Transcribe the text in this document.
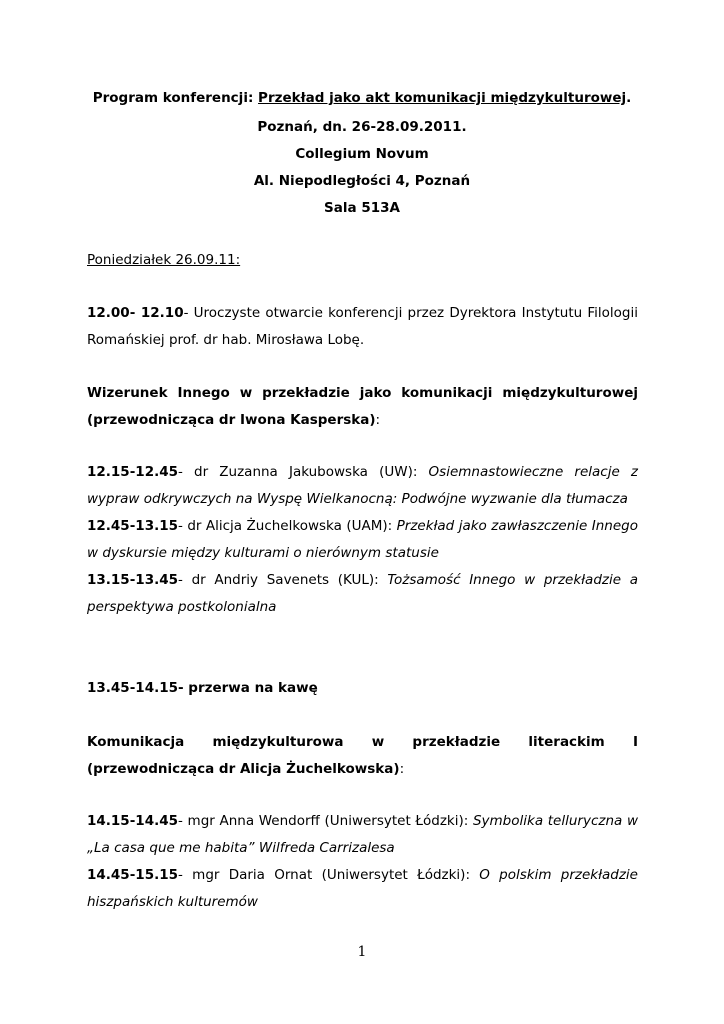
Program konferencji: Przekład jako akt komunikacji międzykulturowej.
Poznań, dn. 26-28.09.2011.
Collegium Novum
Al. Niepodległości 4, Poznań
Sala 513A
Poniedziałek 26.09.11:
12.00- 12.10- Uroczyste otwarcie konferencji przez Dyrektora Instytutu Filologii Romańskiej prof. dr hab. Mirosława Lobę.
Wizerunek Innego w przekładzie jako komunikacji międzykulturowej (przewodnicząca dr Iwona Kasperska):
12.15-12.45- dr Zuzanna Jakubowska (UW): Osiemnastowieczne relacje z wypraw odkrywczych na Wyspę Wielkanocną: Podwójne wyzwanie dla tłumacza
12.45-13.15- dr Alicja Żuchelkowska (UAM): Przekład jako zawłaszczenie Innego w dyskursie między kulturami o nierównym statusie
13.15-13.45- dr Andriy Savenets (KUL): Tożsamość Innego w przekładzie a perspektywa postkolonialna
13.45-14.15- przerwa na kawę
Komunikacja międzykulturowa w przekładzie literackim I (przewodnicząca dr Alicja Żuchelkowska):
14.15-14.45- mgr Anna Wendorff (Uniwersytet Łódzki): Symbolika telluryczna w „La casa que me habita” Wilfreda Carrizalesa
14.45-15.15- mgr Daria Ornat (Uniwersytet Łódzki): O polskim przekładzie hiszpańskich kulturemów
1
